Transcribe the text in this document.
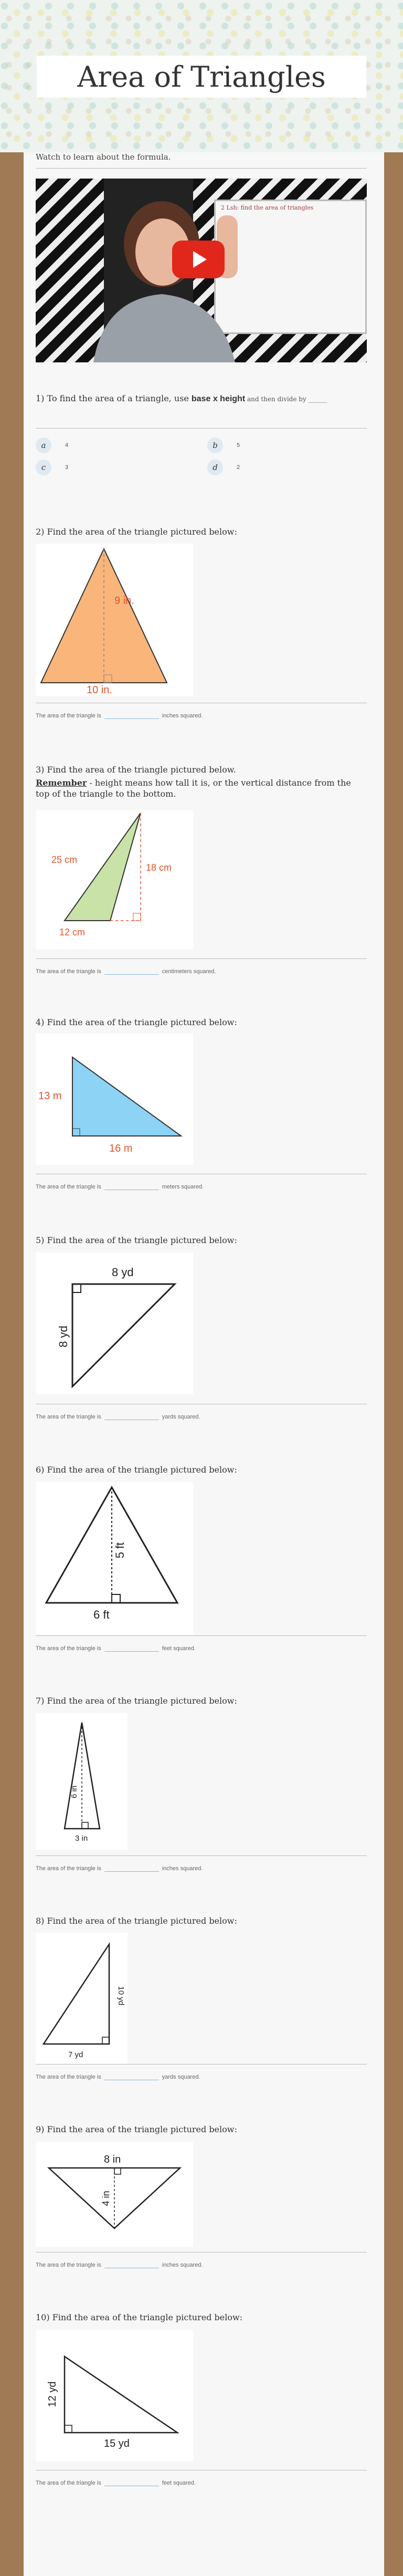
Area of Triangles
Watch to learn about the formula.
2 Lsh: find the area of triangles
1) To find the area of a triangle, use base x height and then divide by ______
a	4	b	5
c	3	d	2
2) Find the area of the triangle pictured below:
9 in.
10 in.
The area of the triangle is	inches squared.
3) Find the area of the triangle pictured below.
Remember - height means how tall it is, or the vertical distance from the top of the triangle to the bottom.
25 cm
18 cm
12 cm
The area of the triangle is	centimeters squared.
4) Find the area of the triangle pictured below:
13 m
16 m
The area of the triangle is	meters squared.
5) Find the area of the triangle pictured below:
8 yd
8 yd
The area of the triangle is	yards squared.
6) Find the area of the triangle pictured below:
5 ft
6 ft
The area of the triangle is	feet squared.
7) Find the area of the triangle pictured below:
6 in
3 in
The area of the triangle is	inches squared.
8) Find the area of the triangle pictured below:
10 yd
7 yd
The area of the triangle is	yards squared.
9) Find the area of the triangle pictured below:
8 in
4 in
The area of the triangle is	inches squared.
10) Find the area of the triangle pictured below:
12 yd
15 yd
The area of the triangle is	feet squared.
